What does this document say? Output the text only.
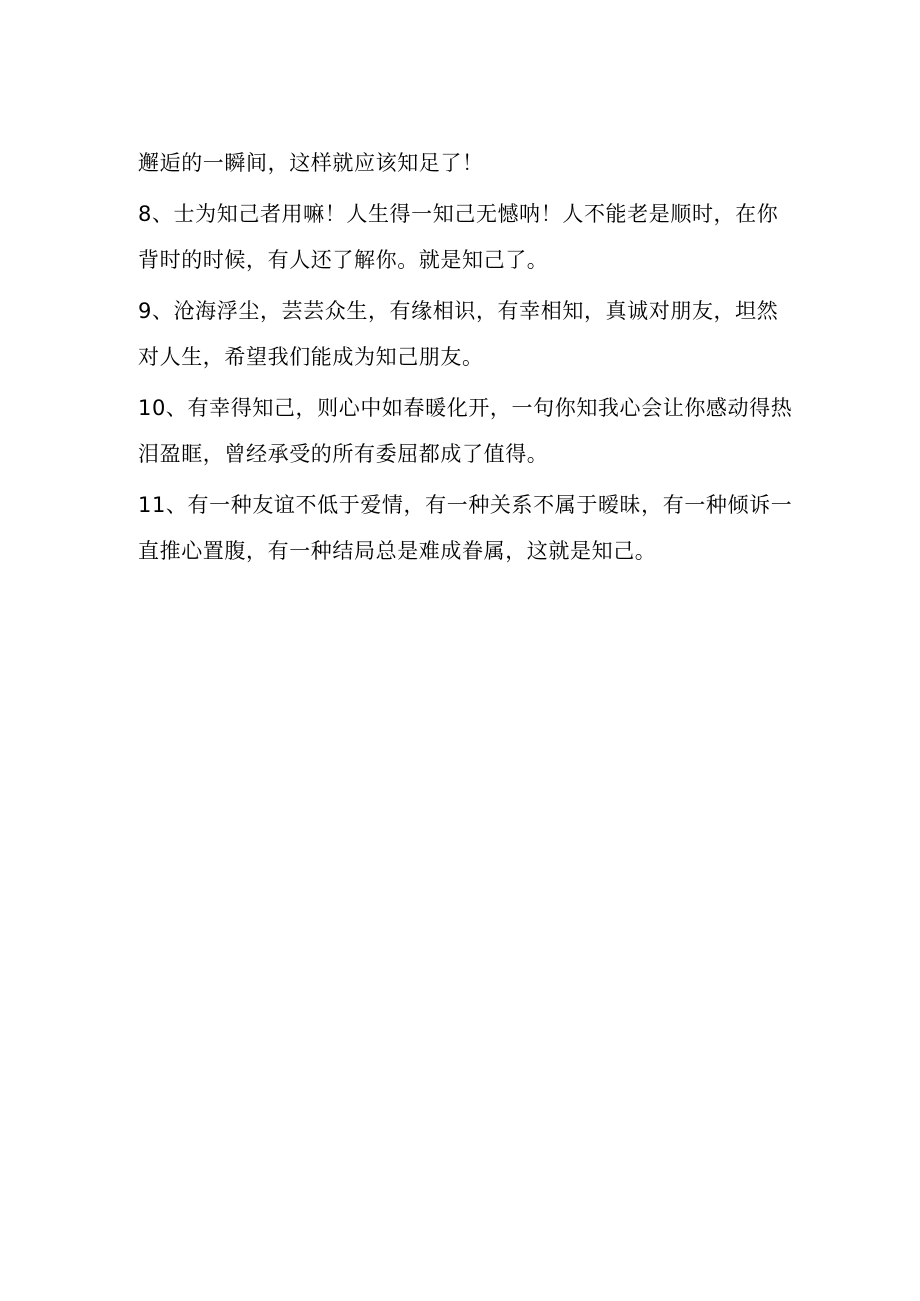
邂逅的一瞬间，这样就应该知足了！

8、士为知己者用嘛！人生得一知己无憾呐！人不能老是顺时，在你背时的时候，有人还了解你。就是知己了。

9、沧海浮尘，芸芸众生，有缘相识，有幸相知，真诚对朋友，坦然对人生，希望我们能成为知己朋友。

10、有幸得知己，则心中如春暖化开，一句你知我心会让你感动得热泪盈眶，曾经承受的所有委屈都成了值得。

11、有一种友谊不低于爱情，有一种关系不属于暧昧，有一种倾诉一直推心置腹，有一种结局总是难成眷属，这就是知己。
